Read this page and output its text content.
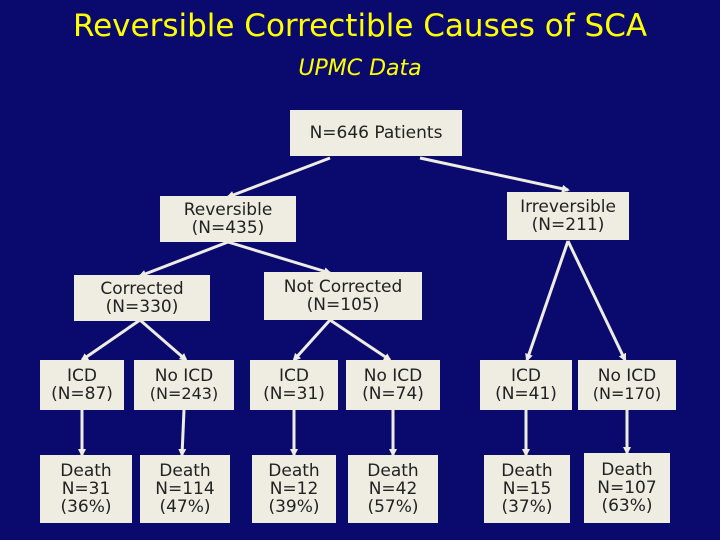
Reversible Correctible Causes of SCA
UPMC Data
N=646 Patients
Reversible
(N=435)
Irreversible
(N=211)
Corrected
(N=330)
Not Corrected
(N=105)
ICD
(N=87)
No ICD
(N=243)
ICD
(N=31)
No ICD
(N=74)
ICD
(N=41)
No ICD
(N=170)
Death
N=31
(36%)
Death
N=114
(47%)
Death
N=12
(39%)
Death
N=42
(57%)
Death
N=15
(37%)
Death
N=107
(63%)
